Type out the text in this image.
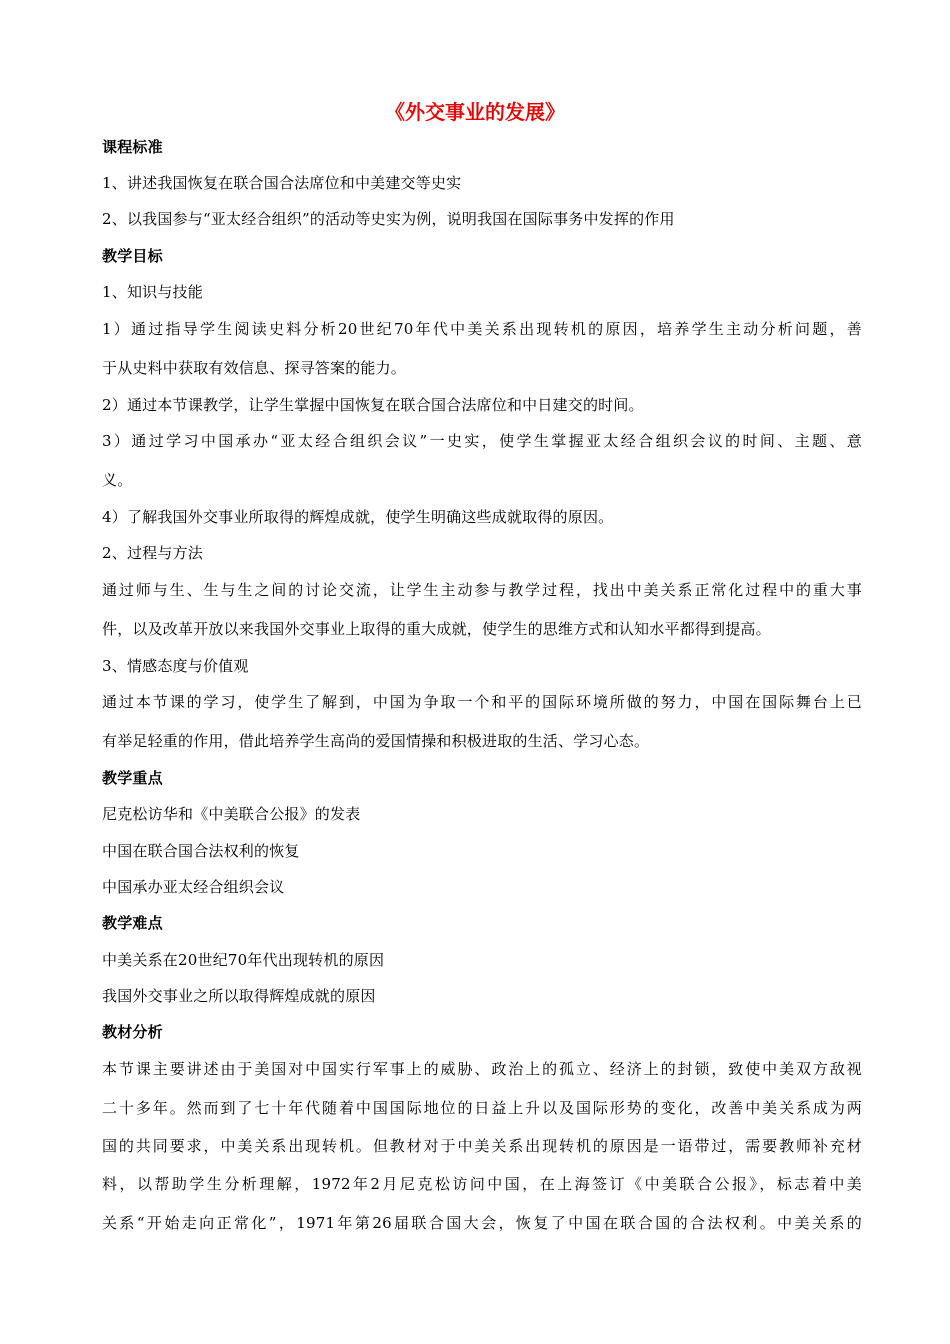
《外交事业的发展》
课程标准
1、讲述我国恢复在联合国合法席位和中美建交等史实
2、以我国参与“亚太经合组织”的活动等史实为例，说明我国在国际事务中发挥的作用
教学目标
1、知识与技能
1）通过指导学生阅读史料分析20世纪70年代中美关系出现转机的原因，培养学生主动分析问题，善
于从史料中获取有效信息、探寻答案的能力。
2）通过本节课教学，让学生掌握中国恢复在联合国合法席位和中日建交的时间。
3）通过学习中国承办“亚太经合组织会议”一史实，使学生掌握亚太经合组织会议的时间、主题、意
义。
4）了解我国外交事业所取得的辉煌成就，使学生明确这些成就取得的原因。
2、过程与方法
通过师与生、生与生之间的讨论交流，让学生主动参与教学过程，找出中美关系正常化过程中的重大事
件，以及改革开放以来我国外交事业上取得的重大成就，使学生的思维方式和认知水平都得到提高。
3、情感态度与价值观
通过本节课的学习，使学生了解到，中国为争取一个和平的国际环境所做的努力，中国在国际舞台上已
有举足轻重的作用，借此培养学生高尚的爱国情操和积极进取的生活、学习心态。
教学重点
尼克松访华和《中美联合公报》的发表
中国在联合国合法权利的恢复
中国承办亚太经合组织会议
教学难点
中美关系在20世纪70年代出现转机的原因
我国外交事业之所以取得辉煌成就的原因
教材分析
本节课主要讲述由于美国对中国实行军事上的威胁、政治上的孤立、经济上的封锁，致使中美双方敌视
二十多年。然而到了七十年代随着中国国际地位的日益上升以及国际形势的变化，改善中美关系成为两
国的共同要求，中美关系出现转机。但教材对于中美关系出现转机的原因是一语带过，需要教师补充材
料，以帮助学生分析理解，1972年2月尼克松访问中国，在上海签订《中美联合公报》，标志着中美
关系“开始走向正常化”，1971年第26届联合国大会，恢复了中国在联合国的合法权利。中美关系的
